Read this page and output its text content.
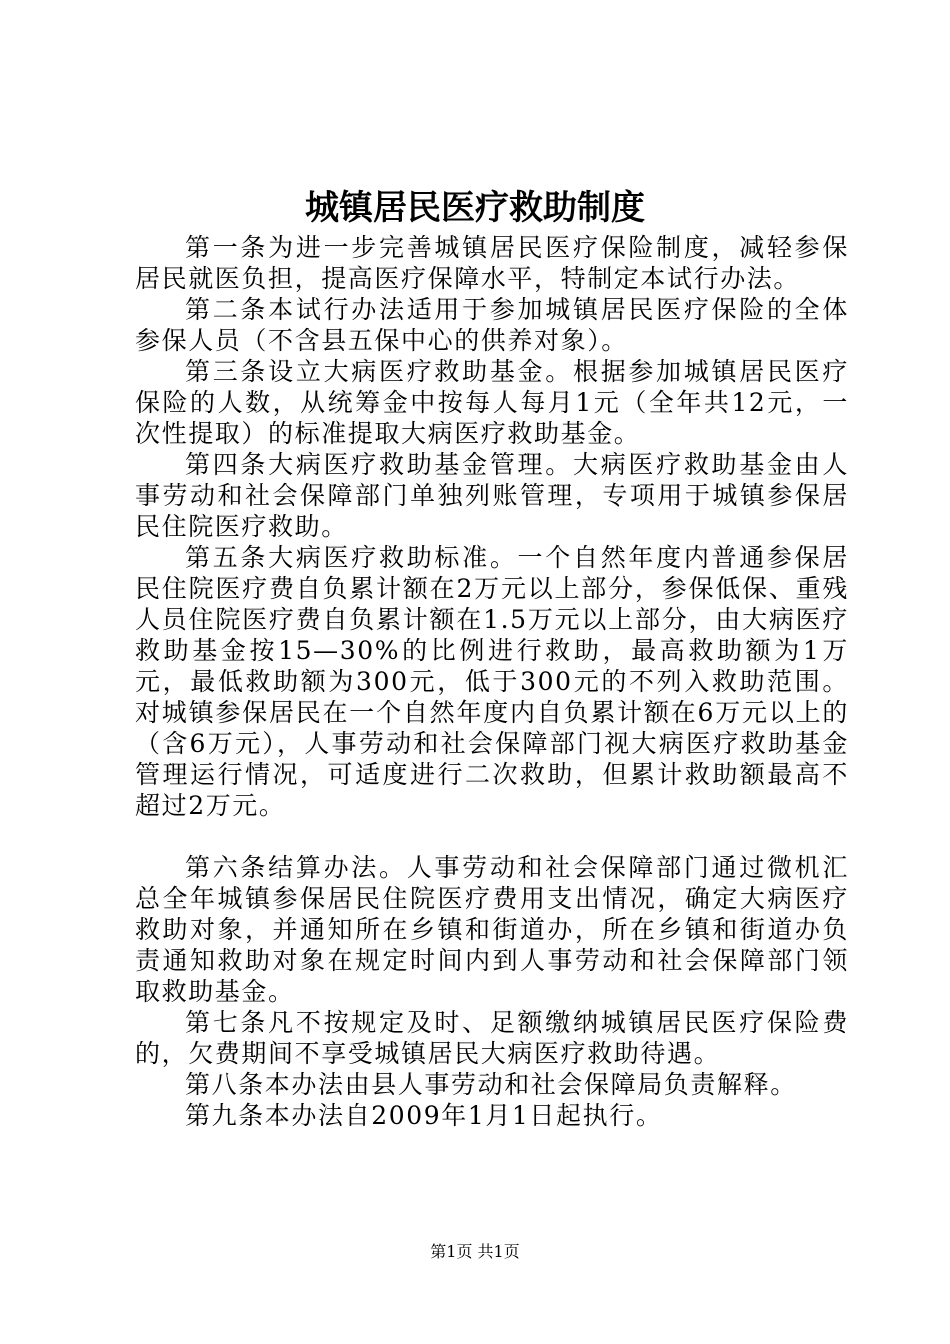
城镇居民医疗救助制度

第一条为进一步完善城镇居民医疗保险制度，减轻参保居民就医负担，提高医疗保障水平，特制定本试行办法。

第二条本试行办法适用于参加城镇居民医疗保险的全体参保人员（不含县五保中心的供养对象）。

第三条设立大病医疗救助基金。根据参加城镇居民医疗保险的人数，从统筹金中按每人每月1元（全年共12元，一次性提取）的标准提取大病医疗救助基金。

第四条大病医疗救助基金管理。大病医疗救助基金由人事劳动和社会保障部门单独列账管理，专项用于城镇参保居民住院医疗救助。

第五条大病医疗救助标准。一个自然年度内普通参保居民住院医疗费自负累计额在2万元以上部分，参保低保、重残人员住院医疗费自负累计额在1.5万元以上部分，由大病医疗救助基金按15—30%的比例进行救助，最高救助额为1万元，最低救助额为300元，低于300元的不列入救助范围。对城镇参保居民在一个自然年度内自负累计额在6万元以上的（含6万元），人事劳动和社会保障部门视大病医疗救助基金管理运行情况，可适度进行二次救助，但累计救助额最高不超过2万元。

第六条结算办法。人事劳动和社会保障部门通过微机汇总全年城镇参保居民住院医疗费用支出情况，确定大病医疗救助对象，并通知所在乡镇和街道办，所在乡镇和街道办负责通知救助对象在规定时间内到人事劳动和社会保障部门领取救助基金。

第七条凡不按规定及时、足额缴纳城镇居民医疗保险费的，欠费期间不享受城镇居民大病医疗救助待遇。

第八条本办法由县人事劳动和社会保障局负责解释。

第九条本办法自2009年1月1日起执行。

第1页 共1页
